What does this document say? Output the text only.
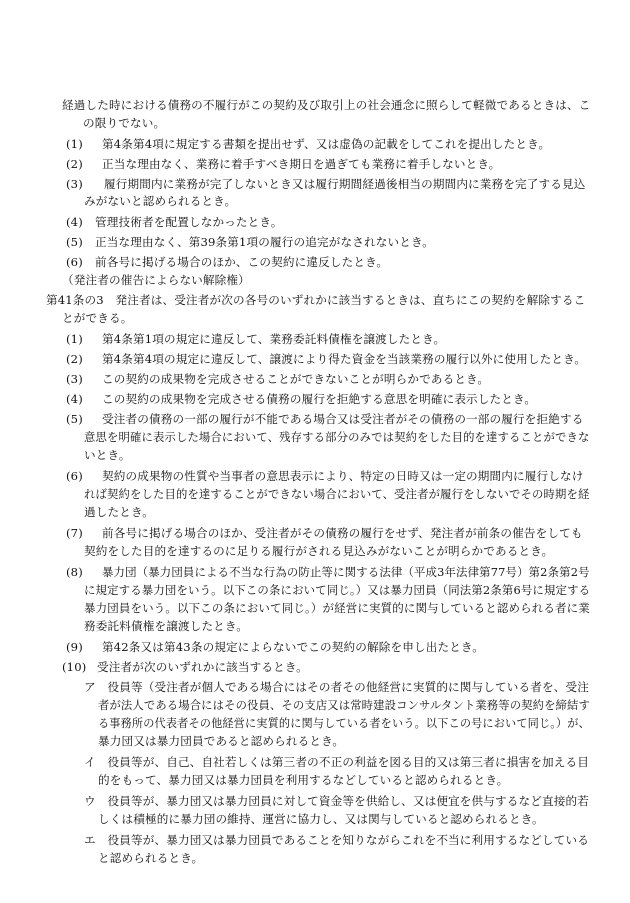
経過した時における債務の不履行がこの契約及び取引上の社会通念に照らして軽微であるときは、こ
の限りでない。
(1) 第4条第4項に規定する書類を提出せず、又は虚偽の記載をしてこれを提出したとき。
(2) 正当な理由なく、業務に着手すべき期日を過ぎても業務に着手しないとき。
(3) 履行期間内に業務が完了しないとき又は履行期間経過後相当の期間内に業務を完了する見込
みがないと認められるとき。
(4) 管理技術者を配置しなかったとき。
(5) 正当な理由なく、第39条第1項の履行の追完がなされないとき。
(6) 前各号に掲げる場合のほか、この契約に違反したとき。
（発注者の催告によらない解除権）
第41条の3　発注者は、受注者が次の各号のいずれかに該当するときは、直ちにこの契約を解除するこ
とができる。
(1) 第4条第1項の規定に違反して、業務委託料債権を譲渡したとき。
(2) 第4条第4項の規定に違反して、譲渡により得た資金を当該業務の履行以外に使用したとき。
(3) この契約の成果物を完成させることができないことが明らかであるとき。
(4) この契約の成果物を完成させる債務の履行を拒絶する意思を明確に表示したとき。
(5) 受注者の債務の一部の履行が不能である場合又は受注者がその債務の一部の履行を拒絶する
意思を明確に表示した場合において、残存する部分のみでは契約をした目的を達することができな
いとき。
(6) 契約の成果物の性質や当事者の意思表示により、特定の日時又は一定の期間内に履行しなけ
れば契約をした目的を達することができない場合において、受注者が履行をしないでその時期を経
過したとき。
(7) 前各号に掲げる場合のほか、受注者がその債務の履行をせず、発注者が前条の催告をしても
契約をした目的を達するのに足りる履行がされる見込みがないことが明らかであるとき。
(8) 暴力団（暴力団員による不当な行為の防止等に関する法律（平成3年法律第77号）第2条第2号
に規定する暴力団をいう。以下この条において同じ。）又は暴力団員（同法第2条第6号に規定する
暴力団員をいう。以下この条において同じ。）が経営に実質的に関与していると認められる者に業
務委託料債権を譲渡したとき。
(9) 第42条又は第43条の規定によらないでこの契約の解除を申し出たとき。
(10) 受注者が次のいずれかに該当するとき。
ア　役員等（受注者が個人である場合にはその者その他経営に実質的に関与している者を、受注
者が法人である場合にはその役員、その支店又は常時建設コンサルタント業務等の契約を締結す
る事務所の代表者その他経営に実質的に関与している者をいう。以下この号において同じ。）が、
暴力団又は暴力団員であると認められるとき。
イ　役員等が、自己、自社若しくは第三者の不正の利益を図る目的又は第三者に損害を加える目
的をもって、暴力団又は暴力団員を利用するなどしていると認められるとき。
ウ　役員等が、暴力団又は暴力団員に対して資金等を供給し、又は便宜を供与するなど直接的若
しくは積極的に暴力団の維持、運営に協力し、又は関与していると認められるとき。
エ　役員等が、暴力団又は暴力団員であることを知りながらこれを不当に利用するなどしている
と認められるとき。
